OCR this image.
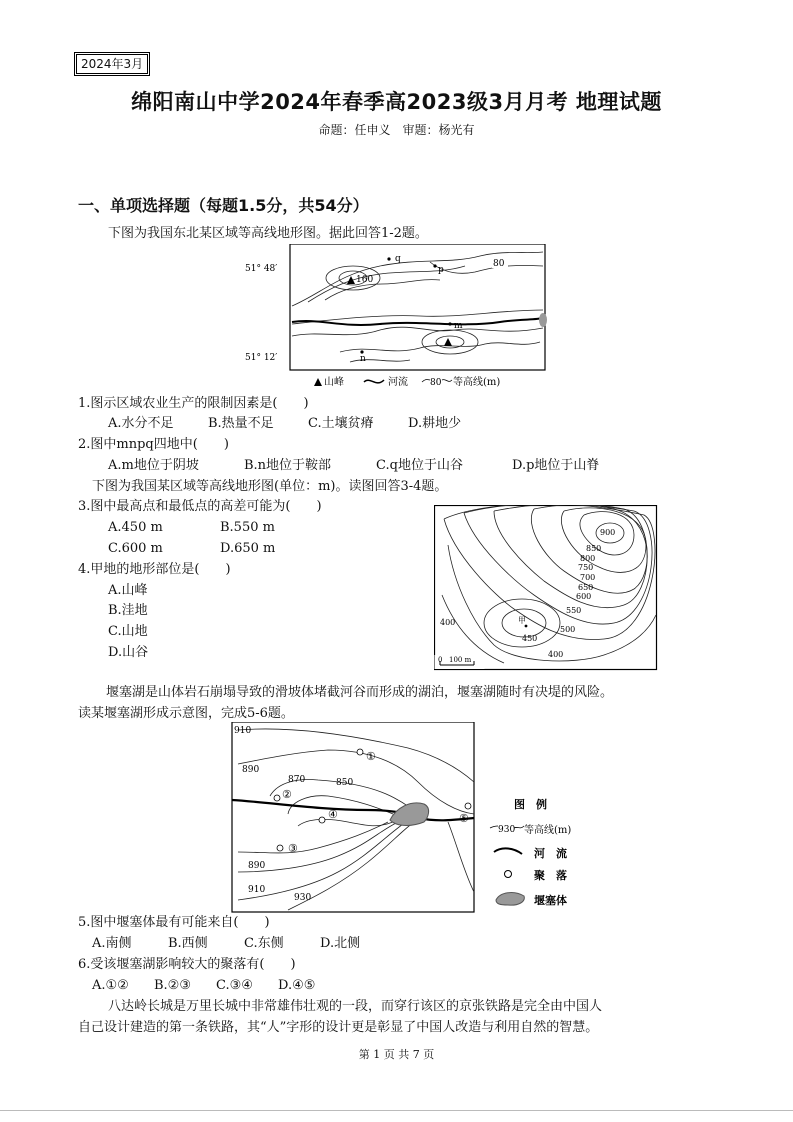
2024年3月
绵阳南山中学2024年春季高2023级3月月考 地理试题
命题：任申义　审题：杨光有
一、单项选择题（每题1.5分，共54分）
下图为我国东北某区域等高线地形图。据此回答1-2题。
51° 48′
51° 12′
160
q
p
m
n
80
山峰	河流 80 等高线(m)
1.图示区域农业生产的限制因素是(　　)
A.水分不足	B.热量不足	C.土壤贫瘠	D.耕地少
2.图中mnpq四地中(　　)
A.m地位于阴坡	B.n地位于鞍部	C.q地位于山谷	D.p地位于山脊
下图为我国某区域等高线地形图(单位：m)。读图回答3-4题。
3.图中最高点和最低点的高差可能为(　　)
A.450 m	B.550 m
C.600 m	D.650 m
4.甲地的地形部位是(　　)
A.山峰
B.洼地
C.山地
D.山谷
900
850
800
750
700
650
600
550
500
450
400
400
甲
0 100 m
堰塞湖是山体岩石崩塌导致的滑坡体堵截河谷而形成的湖泊，堰塞湖随时有决堤的风险。
读某堰塞湖形成示意图，完成5-6题。
910
890
870	850
890
910
930
①
②
③
④	⑤
图　例
930 等高线(m)
河　流
聚　落
堰塞体
5.图中堰塞体最有可能来自(　　)
A.南侧	B.西侧	C.东侧	D.北侧
6.受该堰塞湖影响较大的聚落有(　　)
A.①② B.②③ C.③④ D.④⑤
八达岭长城是万里长城中非常雄伟壮观的一段，而穿行该区的京张铁路是完全由中国人
自己设计建造的第一条铁路，其“人”字形的设计更是彰显了中国人改造与利用自然的智慧。
第 1 页 共 7 页
